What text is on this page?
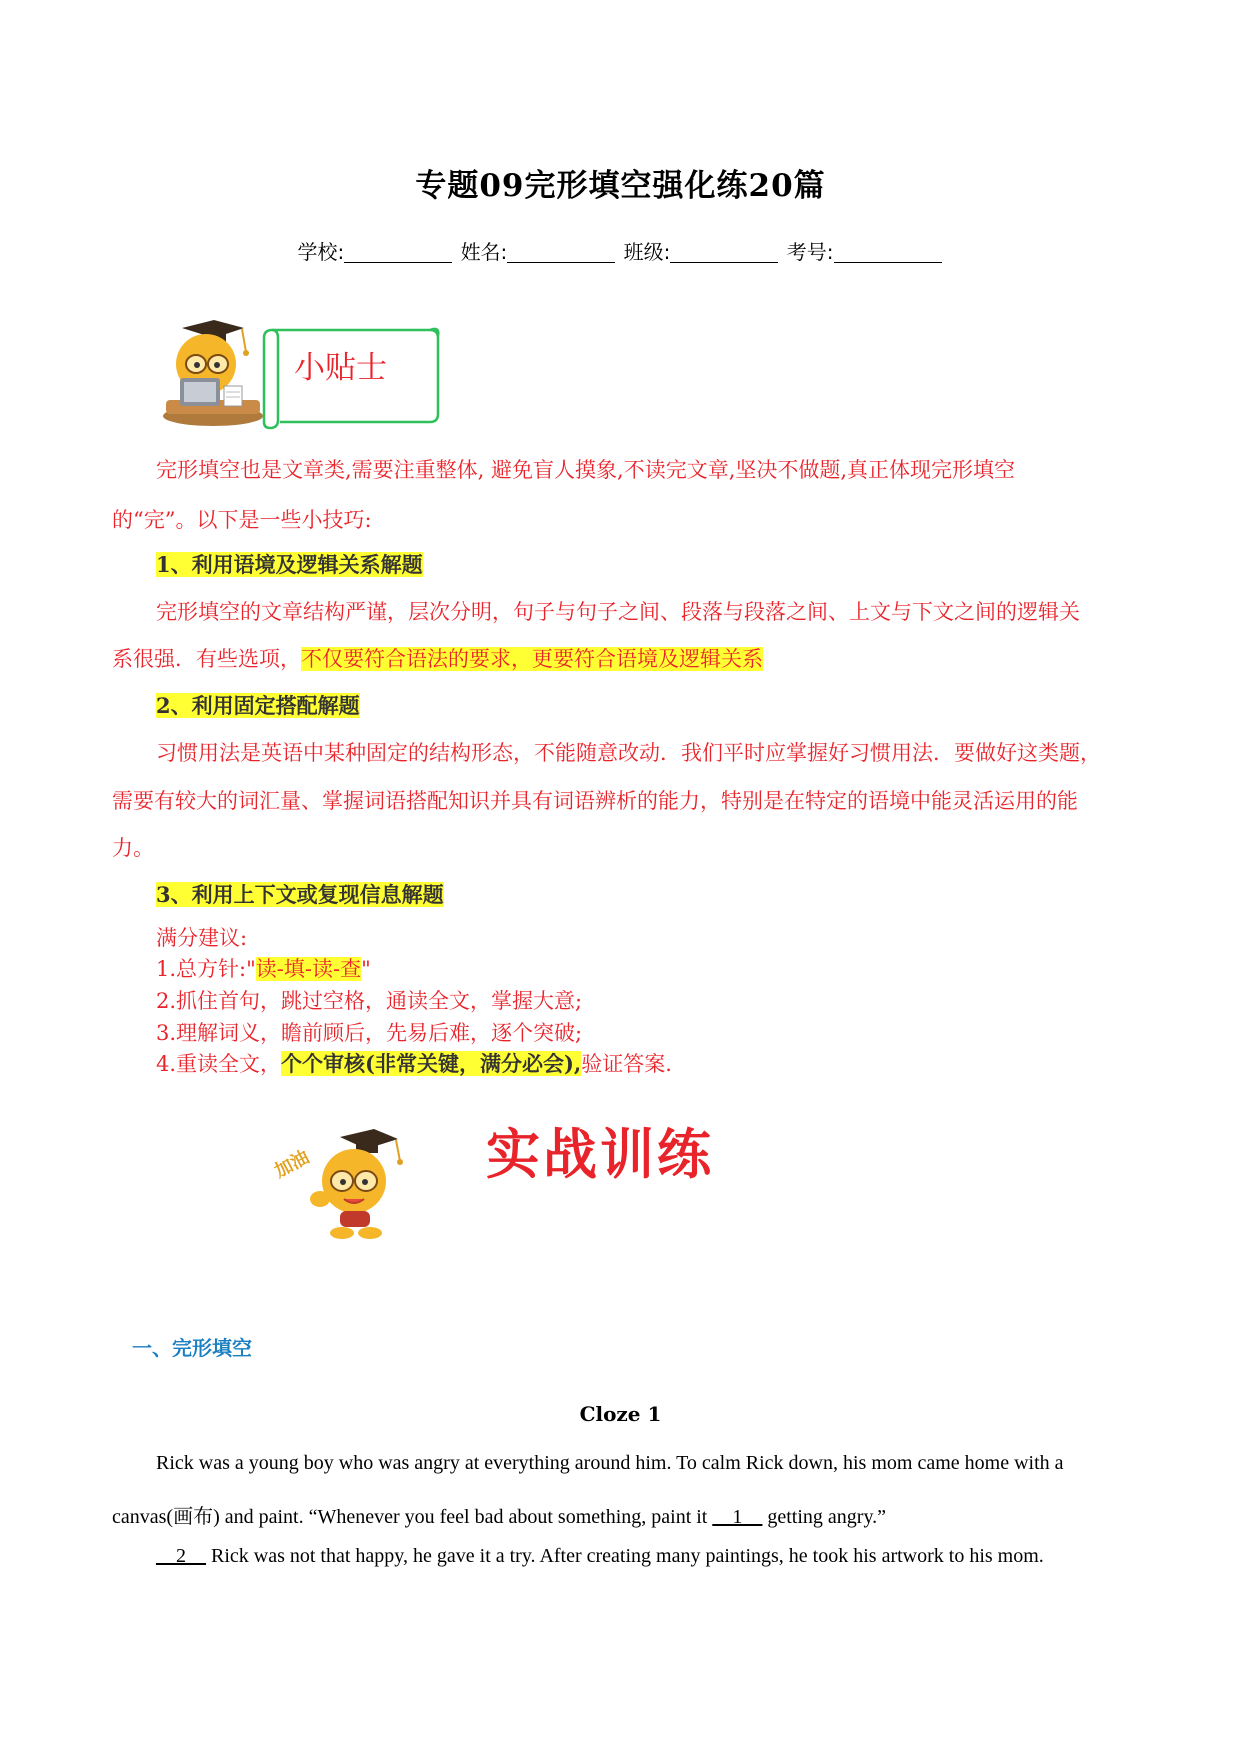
专题09完形填空强化练20篇
学校:	姓名:	班级:	考号:
小贴士
完形填空也是文章类,需要注重整体, 避免盲人摸象,不读完文章,坚决不做题,真正体现完形填空
的“完”。以下是一些小技巧:
1、利用语境及逻辑关系解题
完形填空的文章结构严谨，层次分明，句子与句子之间、段落与段落之间、上文与下文之间的逻辑关
系很强．有些选项，不仅要符合语法的要求，更要符合语境及逻辑关系
2、利用固定搭配解题
习惯用法是英语中某种固定的结构形态，不能随意改动．我们平时应掌握好习惯用法．要做好这类题，
需要有较大的词汇量、掌握词语搭配知识并具有词语辨析的能力，特别是在特定的语境中能灵活运用的能
力。
3、利用上下文或复现信息解题
满分建议:
1.总方针:"读-填-读-查"
2.抓住首句，跳过空格，通读全文，掌握大意;
3.理解词义，瞻前顾后，先易后难，逐个突破;
4.重读全文，个个审核(非常关键，满分必会),验证答案.
加油	实战训练
一、完形填空
Cloze 1
Rick was a young boy who was angry at everything around him. To calm Rick down, his mom came home with a
canvas(画布) and paint. “Whenever you feel bad about something, paint it __1__ getting angry.”
__2__ Rick was not that happy, he gave it a try. After creating many paintings, he took his artwork to his mom.
